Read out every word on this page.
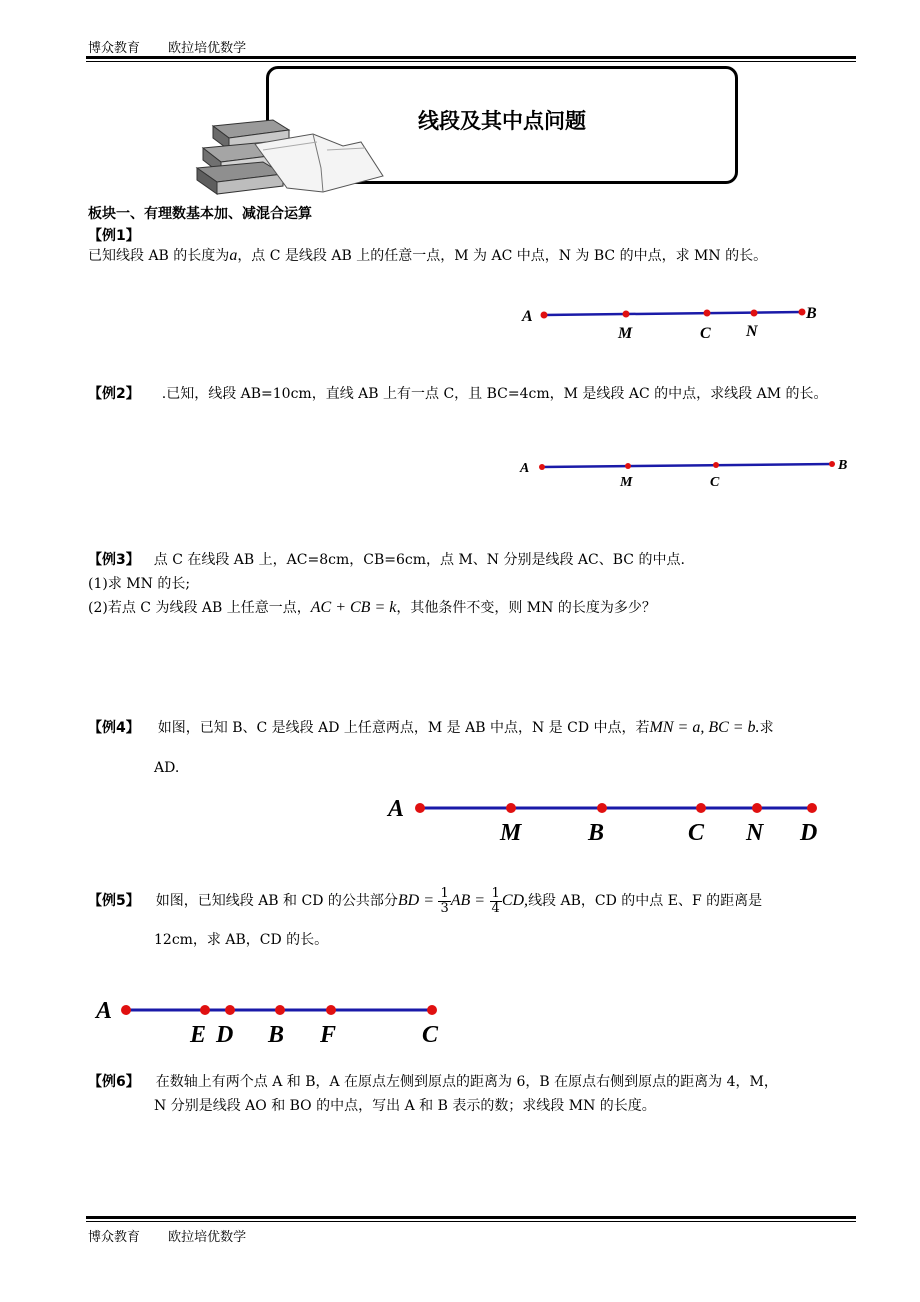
博众教育 欧拉培优数学
线段及其中点问题
板块一、有理数基本加、减混合运算
【例1】
已知线段 AB 的长度为a，点 C 是线段 AB 上的任意一点，M 为 AC 中点，N 为 BC 的中点，求 MN 的长。
A
M	C N
B
【例2】 .已知，线段 AB=10cm，直线 AB 上有一点 C，且 BC=4cm，M 是线段 AC 的中点，求线段 AM 的长。
A
M	C
B
【例3】 点 C 在线段 AB 上，AC=8cm，CB=6cm，点 M、N 分别是线段 AC、BC 的中点.
(1)求 MN 的长;
(2)若点 C 为线段 AB 上任意一点，AC + CB = k，其他条件不变，则 MN 的长度为多少？
【例4】 如图，已知 B、C 是线段 AD 上任意两点，M 是 AB 中点，N 是 CD 中点，若MN = a, BC = b.求
AD.
A
M	B	C N D
【例5】 如图，已知线段 AB 和 CD 的公共部分BD = $\frac{1}{3}$ AB = $\frac{1}{4}$ CD,线段 AB，CD 的中点 E、F 的距离是
12cm，求 AB，CD 的长。
A
E D B F	C
【例6】 在数轴上有两个点 A 和 B，A 在原点左侧到原点的距离为 6，B 在原点右侧到原点的距离为 4，M，
N 分别是线段 AO 和 BO 的中点，写出 A 和 B 表示的数；求线段 MN 的长度。
博众教育 欧拉培优数学
